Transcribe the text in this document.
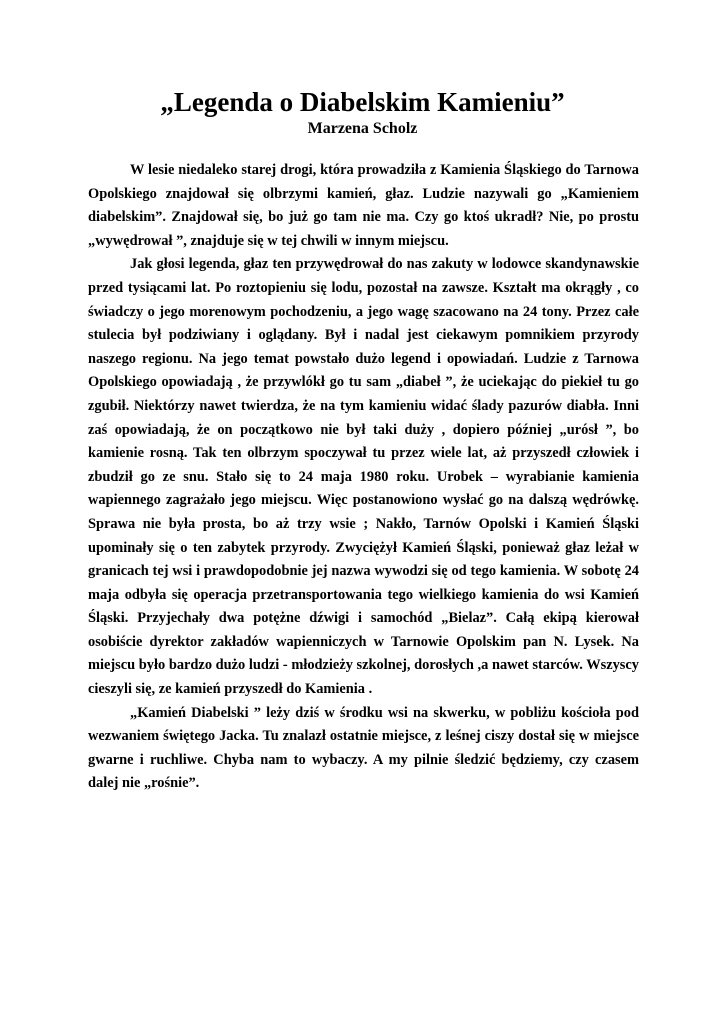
„Legenda o Diabelskim Kamieniu”
Marzena Scholz

W lesie niedaleko starej drogi, która prowadziła z Kamienia Śląskiego do Tarnowa Opolskiego znajdował się olbrzymi kamień, głaz. Ludzie nazywali go „Kamieniem diabelskim”. Znajdował się, bo już go tam nie ma. Czy go ktoś ukradł? Nie, po prostu „wywędrował ”, znajduje się w tej chwili w innym miejscu.

Jak głosi legenda, głaz ten przywędrował do nas zakuty w lodowce skandynawskie przed tysiącami lat. Po roztopieniu się lodu, pozostał na zawsze. Kształt ma okrągły , co świadczy o jego morenowym pochodzeniu, a jego wagę szacowano na 24 tony. Przez całe stulecia był podziwiany i oglądany. Był i nadal jest ciekawym pomnikiem przyrody naszego regionu. Na jego temat powstało dużo legend i opowiadań. Ludzie z Tarnowa Opolskiego opowiadają , że przywlókł go tu sam „diabeł ”, że uciekając do piekieł tu go zgubił. Niektórzy nawet twierdza, że na tym kamieniu widać ślady pazurów diabła. Inni zaś opowiadają, że on początkowo nie był taki duży , dopiero później „urósł ”, bo kamienie rosną. Tak ten olbrzym spoczywał tu przez wiele lat, aż przyszedł człowiek i zbudził go ze snu. Stało się to 24 maja 1980 roku. Urobek – wyrabianie kamienia wapiennego zagrażało jego miejscu. Więc postanowiono wysłać go na dalszą wędrówkę. Sprawa nie była prosta, bo aż trzy wsie ; Nakło, Tarnów Opolski i Kamień Śląski upominały się o ten zabytek przyrody. Zwyciężył Kamień Śląski, ponieważ głaz leżał w granicach tej wsi i prawdopodobnie jej nazwa wywodzi się od tego kamienia. W sobotę 24 maja odbyła się operacja przetransportowania tego wielkiego kamienia do wsi Kamień Śląski. Przyjechały dwa potężne dźwigi i samochód „Bielaz”. Całą ekipą kierował osobiście dyrektor zakładów wapienniczych w Tarnowie Opolskim pan N. Lysek. Na miejscu było bardzo dużo ludzi - młodzieży szkolnej, dorosłych ,a nawet starców. Wszyscy cieszyli się, ze kamień przyszedł do Kamienia .

„Kamień Diabelski ” leży dziś w środku wsi na skwerku, w pobliżu kościoła pod wezwaniem świętego Jacka. Tu znalazł ostatnie miejsce, z leśnej ciszy dostał się w miejsce gwarne i ruchliwe. Chyba nam to wybaczy. A my pilnie śledzić będziemy, czy czasem dalej nie „rośnie”.
